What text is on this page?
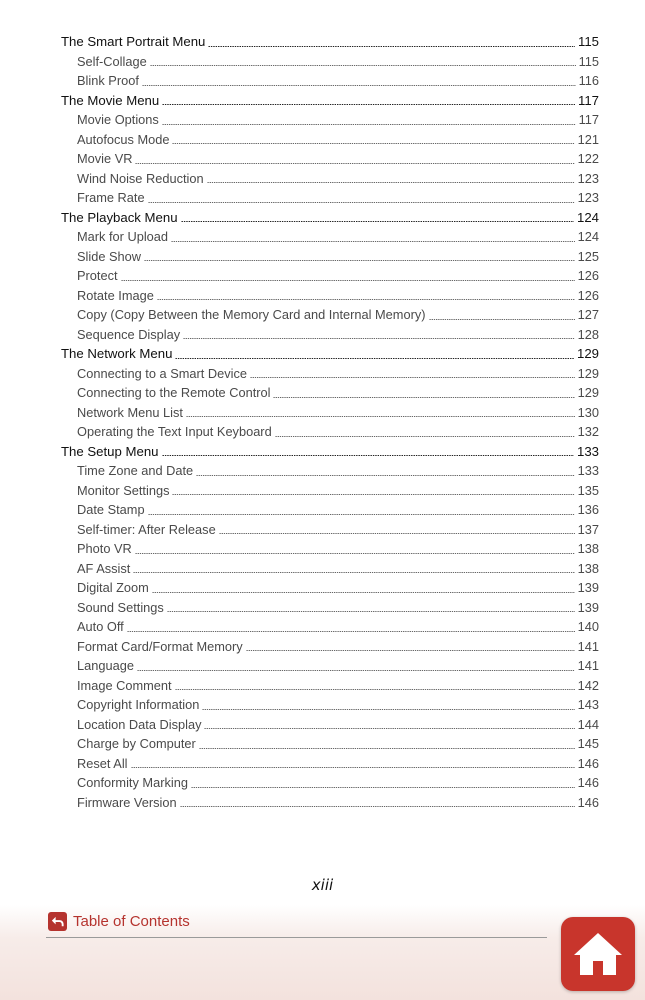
The Smart Portrait Menu	115
Self-Collage	115
Blink Proof	116
The Movie Menu	117
Movie Options	117
Autofocus Mode	121
Movie VR	122
Wind Noise Reduction	123
Frame Rate	123
The Playback Menu	124
Mark for Upload	124
Slide Show	125
Protect	126
Rotate Image	126
Copy (Copy Between the Memory Card and Internal Memory)	127
Sequence Display	128
The Network Menu	129
Connecting to a Smart Device	129
Connecting to the Remote Control	129
Network Menu List	130
Operating the Text Input Keyboard	132
The Setup Menu	133
Time Zone and Date	133
Monitor Settings	135
Date Stamp	136
Self-timer: After Release	137
Photo VR	138
AF Assist	138
Digital Zoom	139
Sound Settings	139
Auto Off	140
Format Card/Format Memory	141
Language	141
Image Comment	142
Copyright Information	143
Location Data Display	144
Charge by Computer	145
Reset All	146
Conformity Marking	146
Firmware Version	146
xiii
Table of Contents
